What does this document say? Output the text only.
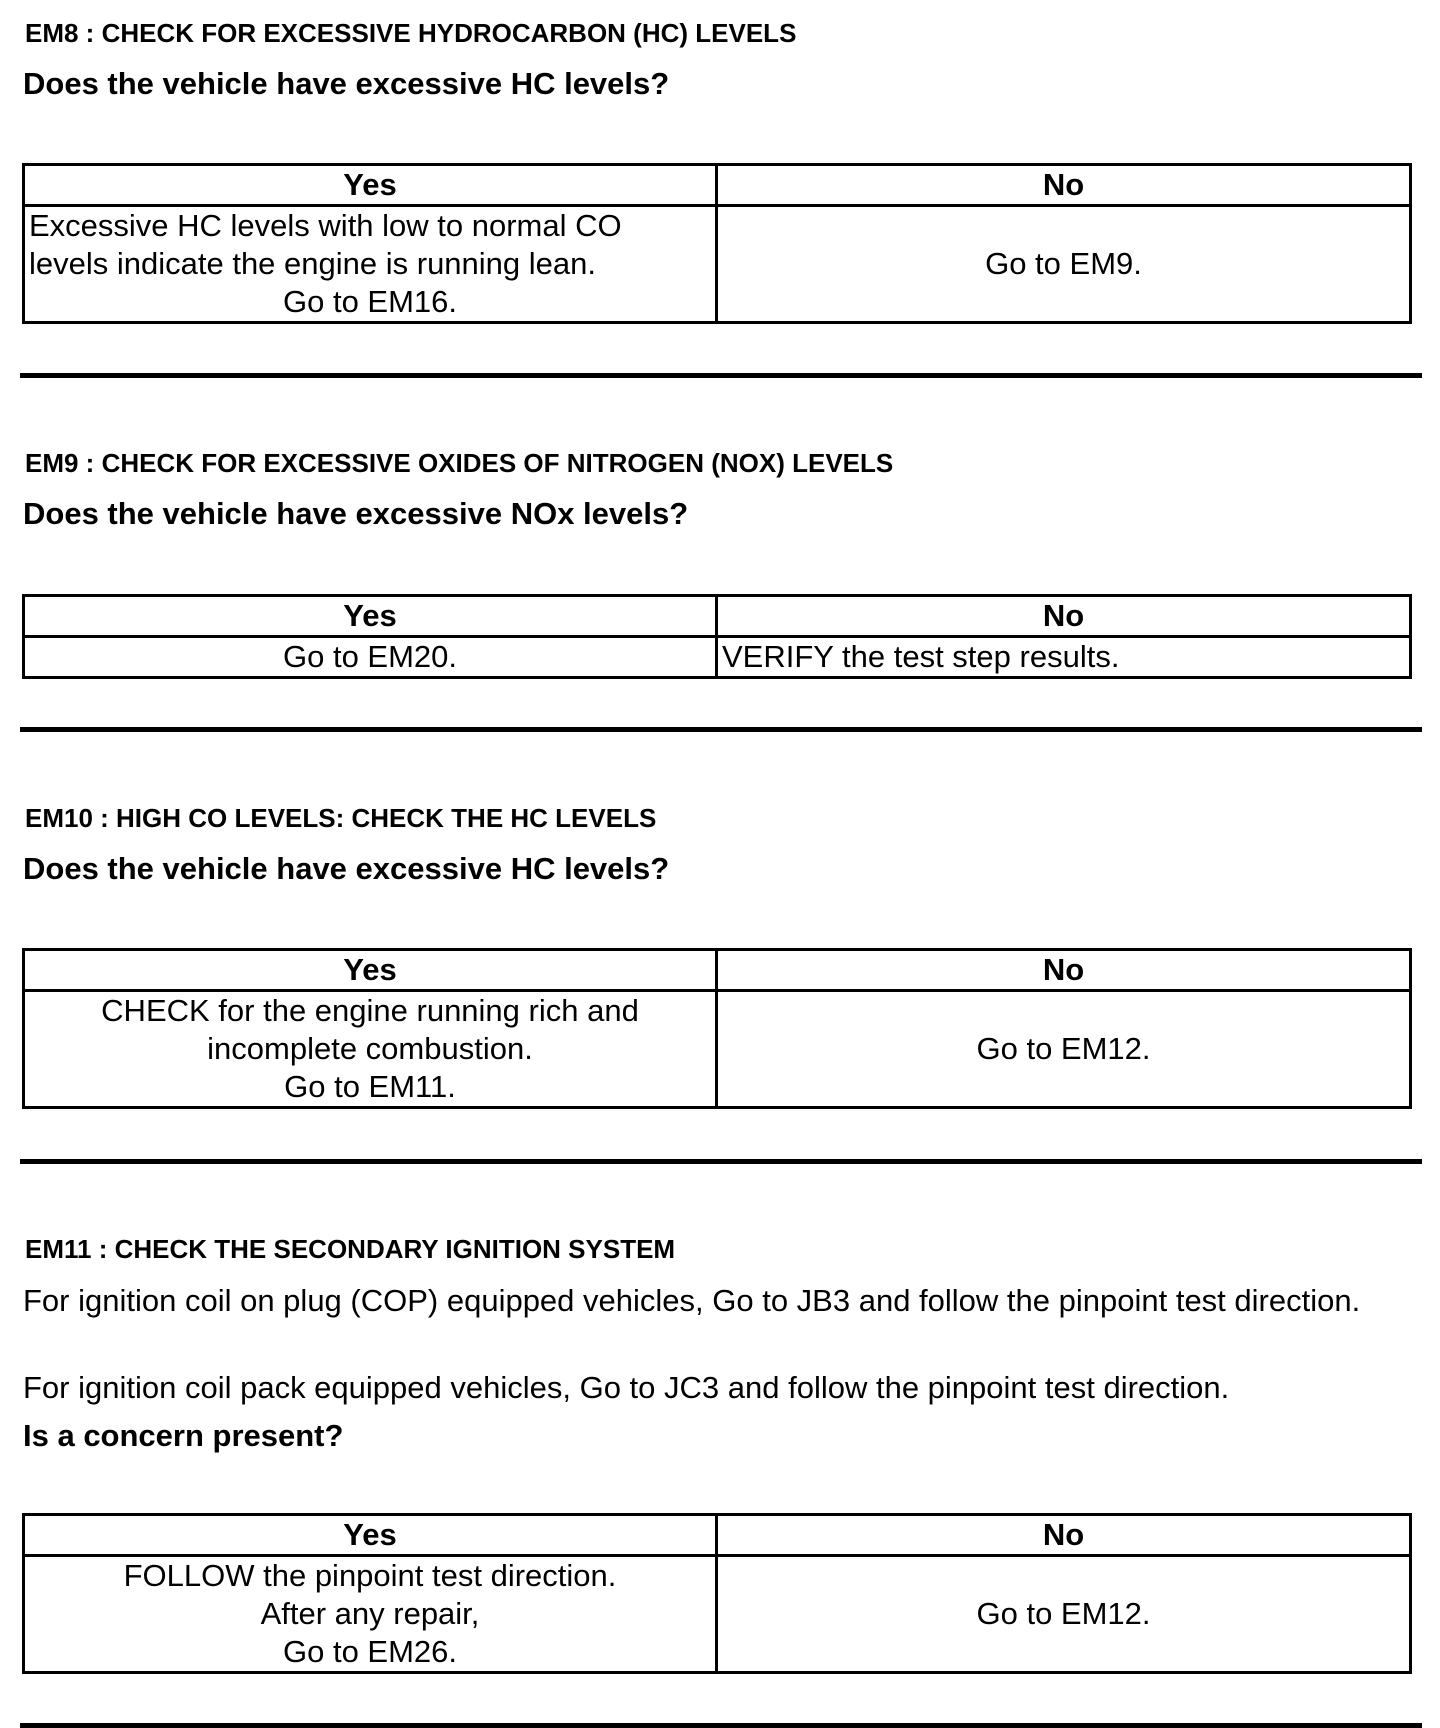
EM8 : CHECK FOR EXCESSIVE HYDROCARBON (HC) LEVELS
Does the vehicle have excessive HC levels?
Yes	No

Excessive HC levels with low to normal CO
levels indicate the engine is running lean.
Go to EM16.	Go to EM9.
EM9 : CHECK FOR EXCESSIVE OXIDES OF NITROGEN (NOX) LEVELS
Does the vehicle have excessive NOx levels?
Yes	No
Go to EM20.	VERIFY the test step results.
EM10 : HIGH CO LEVELS: CHECK THE HC LEVELS
Does the vehicle have excessive HC levels?
Yes	No

CHECK for the engine running rich and
incomplete combustion.
Go to EM11.	Go to EM12.
EM11 : CHECK THE SECONDARY IGNITION SYSTEM
For ignition coil on plug (COP) equipped vehicles, Go to JB3 and follow the pinpoint test direction.
For ignition coil pack equipped vehicles, Go to JC3 and follow the pinpoint test direction.
Is a concern present?
Yes	No

FOLLOW the pinpoint test direction.
After any repair,
Go to EM26.	Go to EM12.
